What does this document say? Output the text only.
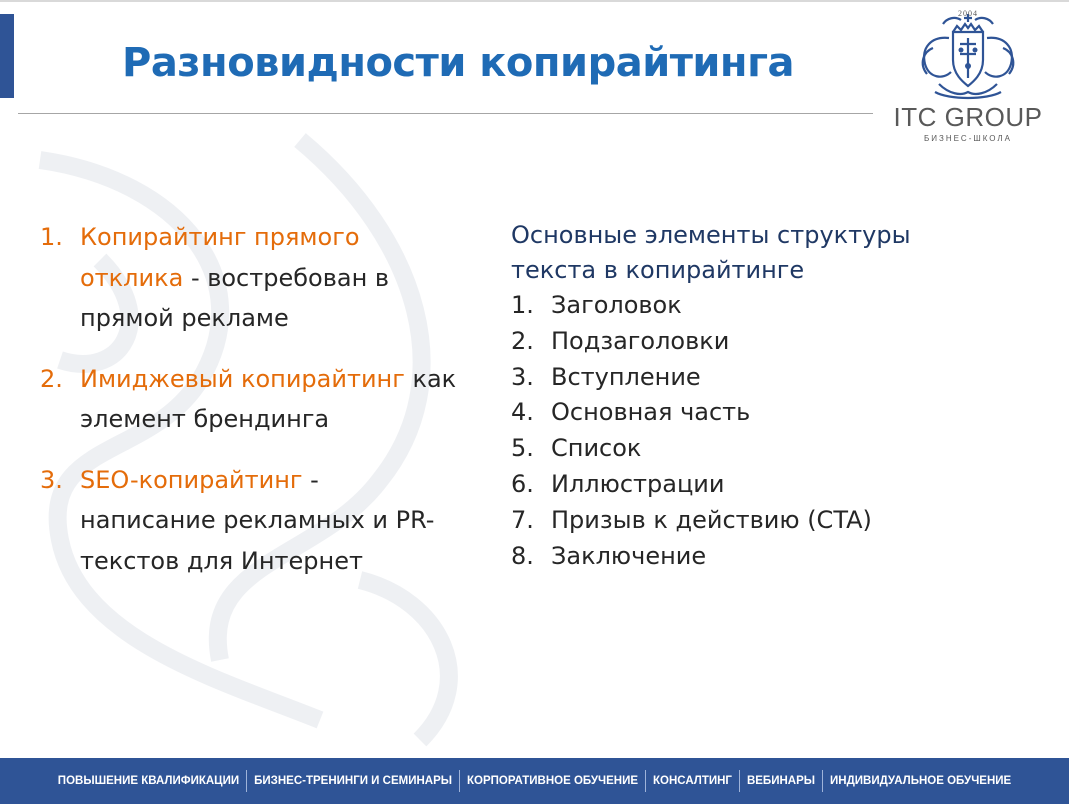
Разновидности копирайтинга
2004
ITC GROUP
БИЗНЕС-ШКОЛА
1. Копирайтинг прямого отклика - востребован в прямой рекламе
2. Имиджевый копирайтинг как элемент брендинга
3. SEO-копирайтинг - написание рекламных и PR-текстов для Интернет
Основные элементы структуры текста в копирайтинге
1. Заголовок
2. Подзаголовки
3. Вступление
4. Основная часть
5. Список
6. Иллюстрации
7. Призыв к действию (CTA)
8. Заключение
ПОВЫШЕНИЕ КВАЛИФИКАЦИИ	БИЗНЕС-ТРЕНИНГИ И СЕМИНАРЫ	КОРПОРАТИВНОЕ ОБУЧЕНИЕ	КОНСАЛТИНГ	ВЕБИНАРЫ	ИНДИВИДУАЛЬНОЕ ОБУЧЕНИЕ
